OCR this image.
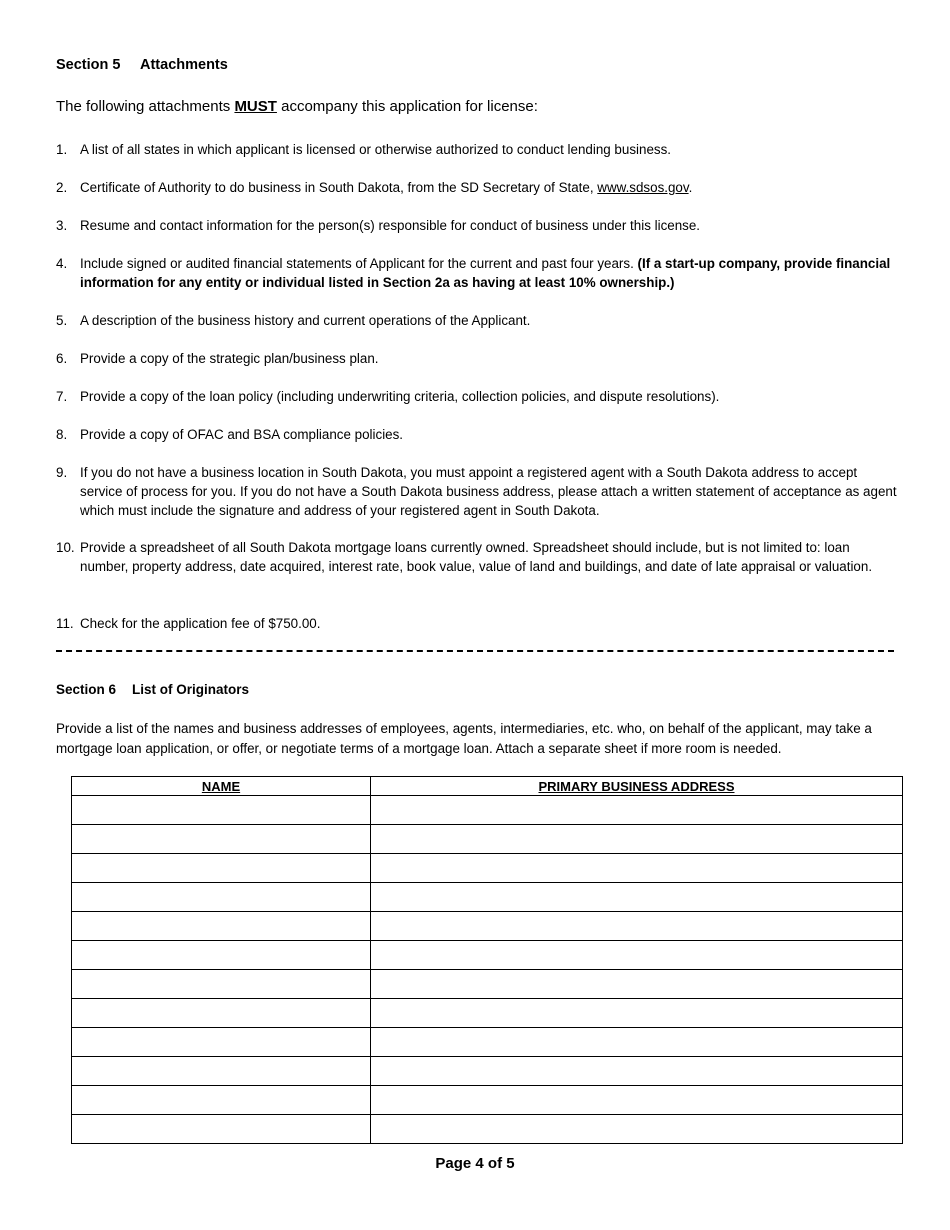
Section 5 Attachments
The following attachments MUST accompany this application for license:
1. A list of all states in which applicant is licensed or otherwise authorized to conduct lending business.
2. Certificate of Authority to do business in South Dakota, from the SD Secretary of State, www.sdsos.gov.
3. Resume and contact information for the person(s) responsible for conduct of business under this license.
4. Include signed or audited financial statements of Applicant for the current and past four years. (If a start-up company, provide financial information for any entity or individual listed in Section 2a as having at least 10% ownership.)
5. A description of the business history and current operations of the Applicant.
6. Provide a copy of the strategic plan/business plan.
7. Provide a copy of the loan policy (including underwriting criteria, collection policies, and dispute resolutions).
8. Provide a copy of OFAC and BSA compliance policies.
9. If you do not have a business location in South Dakota, you must appoint a registered agent with a South Dakota address to accept service of process for you. If you do not have a South Dakota business address, please attach a written statement of acceptance as agent which must include the signature and address of your registered agent in South Dakota.
10. Provide a spreadsheet of all South Dakota mortgage loans currently owned. Spreadsheet should include, but is not limited to: loan number, property address, date acquired, interest rate, book value, value of land and buildings, and date of late appraisal or valuation.
11. Check for the application fee of $750.00.
Section 6 List of Originators
Provide a list of the names and business addresses of employees, agents, intermediaries, etc. who, on behalf of the applicant, may take a mortgage loan application, or offer, or negotiate terms of a mortgage loan. Attach a separate sheet if more room is needed.
NAME	PRIMARY BUSINESS ADDRESS

Page 4 of 5
